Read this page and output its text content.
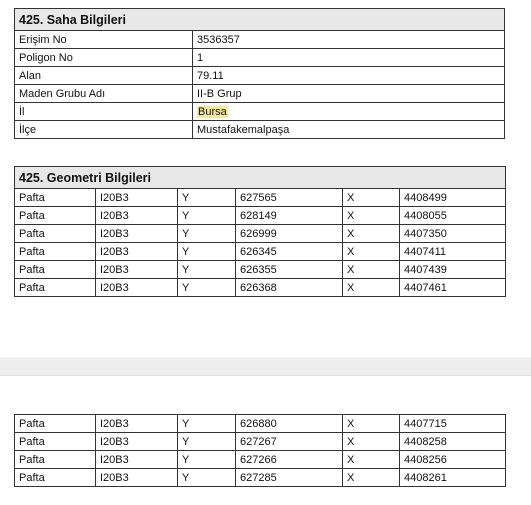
425. Saha Bilgileri	
Erişim No	3536357
Poligon No	1
Alan	79.11
Maden Grubu Adı	II-B Grup
İl	Bursa
İlçe	Mustafakemalpaşa
425. Geometri Bilgileri					
Pafta	I20B3	Y	627565	X	4408499
Pafta	I20B3	Y	628149	X	4408055
Pafta	I20B3	Y	626999	X	4407350
Pafta	I20B3	Y	626345	X	4407411
Pafta	I20B3	Y	626355	X	4407439
Pafta	I20B3	Y	626368	X	4407461
Pafta	I20B3	Y	626880	X	4407715
Pafta	I20B3	Y	627267	X	4408258
Pafta	I20B3	Y	627266	X	4408256
Pafta	I20B3	Y	627285	X	4408261
